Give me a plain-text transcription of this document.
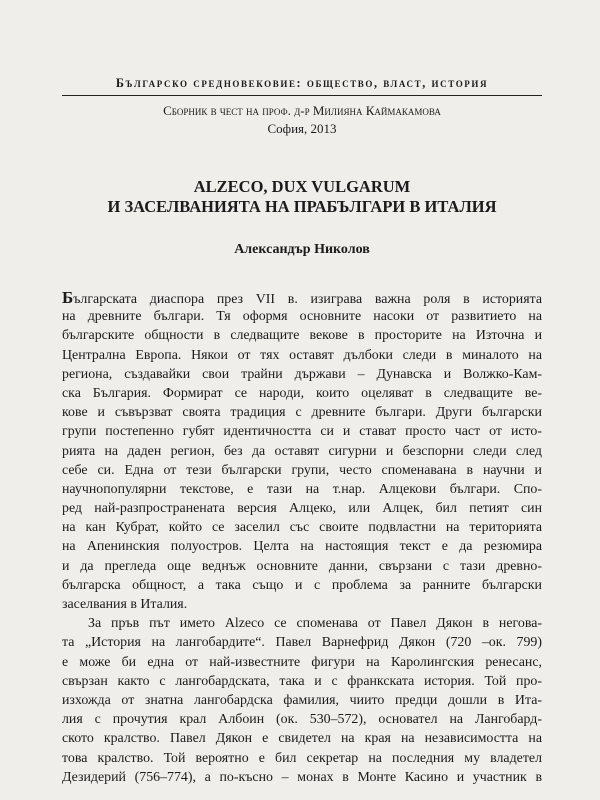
Българско средновековие: общество, власт, история
Сборник в чест на проф. д-р Милияна Каймакамова
София, 2013
ALZECO, DUX VULGARUM
И ЗАСЕЛВАНИЯТА НА ПРАБЪЛГАРИ В ИТАЛИЯ
Александър Николов
Българската диаспора през VII в. изиграва важна роля в историята
на древните българи. Тя оформя основните насоки от развитието на
българските общности в следващите векове в просторите на Източна и
Централна Европа. Някои от тях оставят дълбоки следи в миналото на
региона, създавайки свои трайни държави – Дунавска и Волжко-Кам-
ска България. Формират се народи, които оцеляват в следващите ве-
кове и съвързват своята традиция с древните българи. Други български
групи постепенно губят идентичността си и стават просто част от исто-
рията на даден регион, без да оставят сигурни и безспорни следи след
себе си. Една от тези български групи, често споменавана в научни и
научнопопулярни текстове, е тази на т.нар. Алцекови българи. Спо-
ред най-разпространената версия Алцеко, или Алцек, бил петият син
на кан Кубрат, който се заселил със своите подвластни на територията
на Апенинския полуостров. Целта на настоящия текст е да резюмира
и да прегледа още веднъж основните данни, свързани с тази древно-
българска общност, а така също и с проблема за ранните български
заселвания в Италия.
За пръв път името Alzeco се споменава от Павел Дякон в негова-
та „История на лангобардите“. Павел Варнефрид Дякон (720 –ок. 799)
е може би една от най-известните фигури на Каролингския ренесанс,
свързан както с лангобардската, така и с франкската история. Той про-
изхожда от знатна лангобардска фамилия, чиито предци дошли в Ита-
лия с прочутия крал Албоин (ок. 530–572), основател на Лангобард-
ското кралство. Павел Дякон е свидетел на края на независимостта на
това кралство. Той вероятно е бил секретар на последния му владетел
Дезидерий (756–774), а по-късно – монах в Монте Касино и участник в
